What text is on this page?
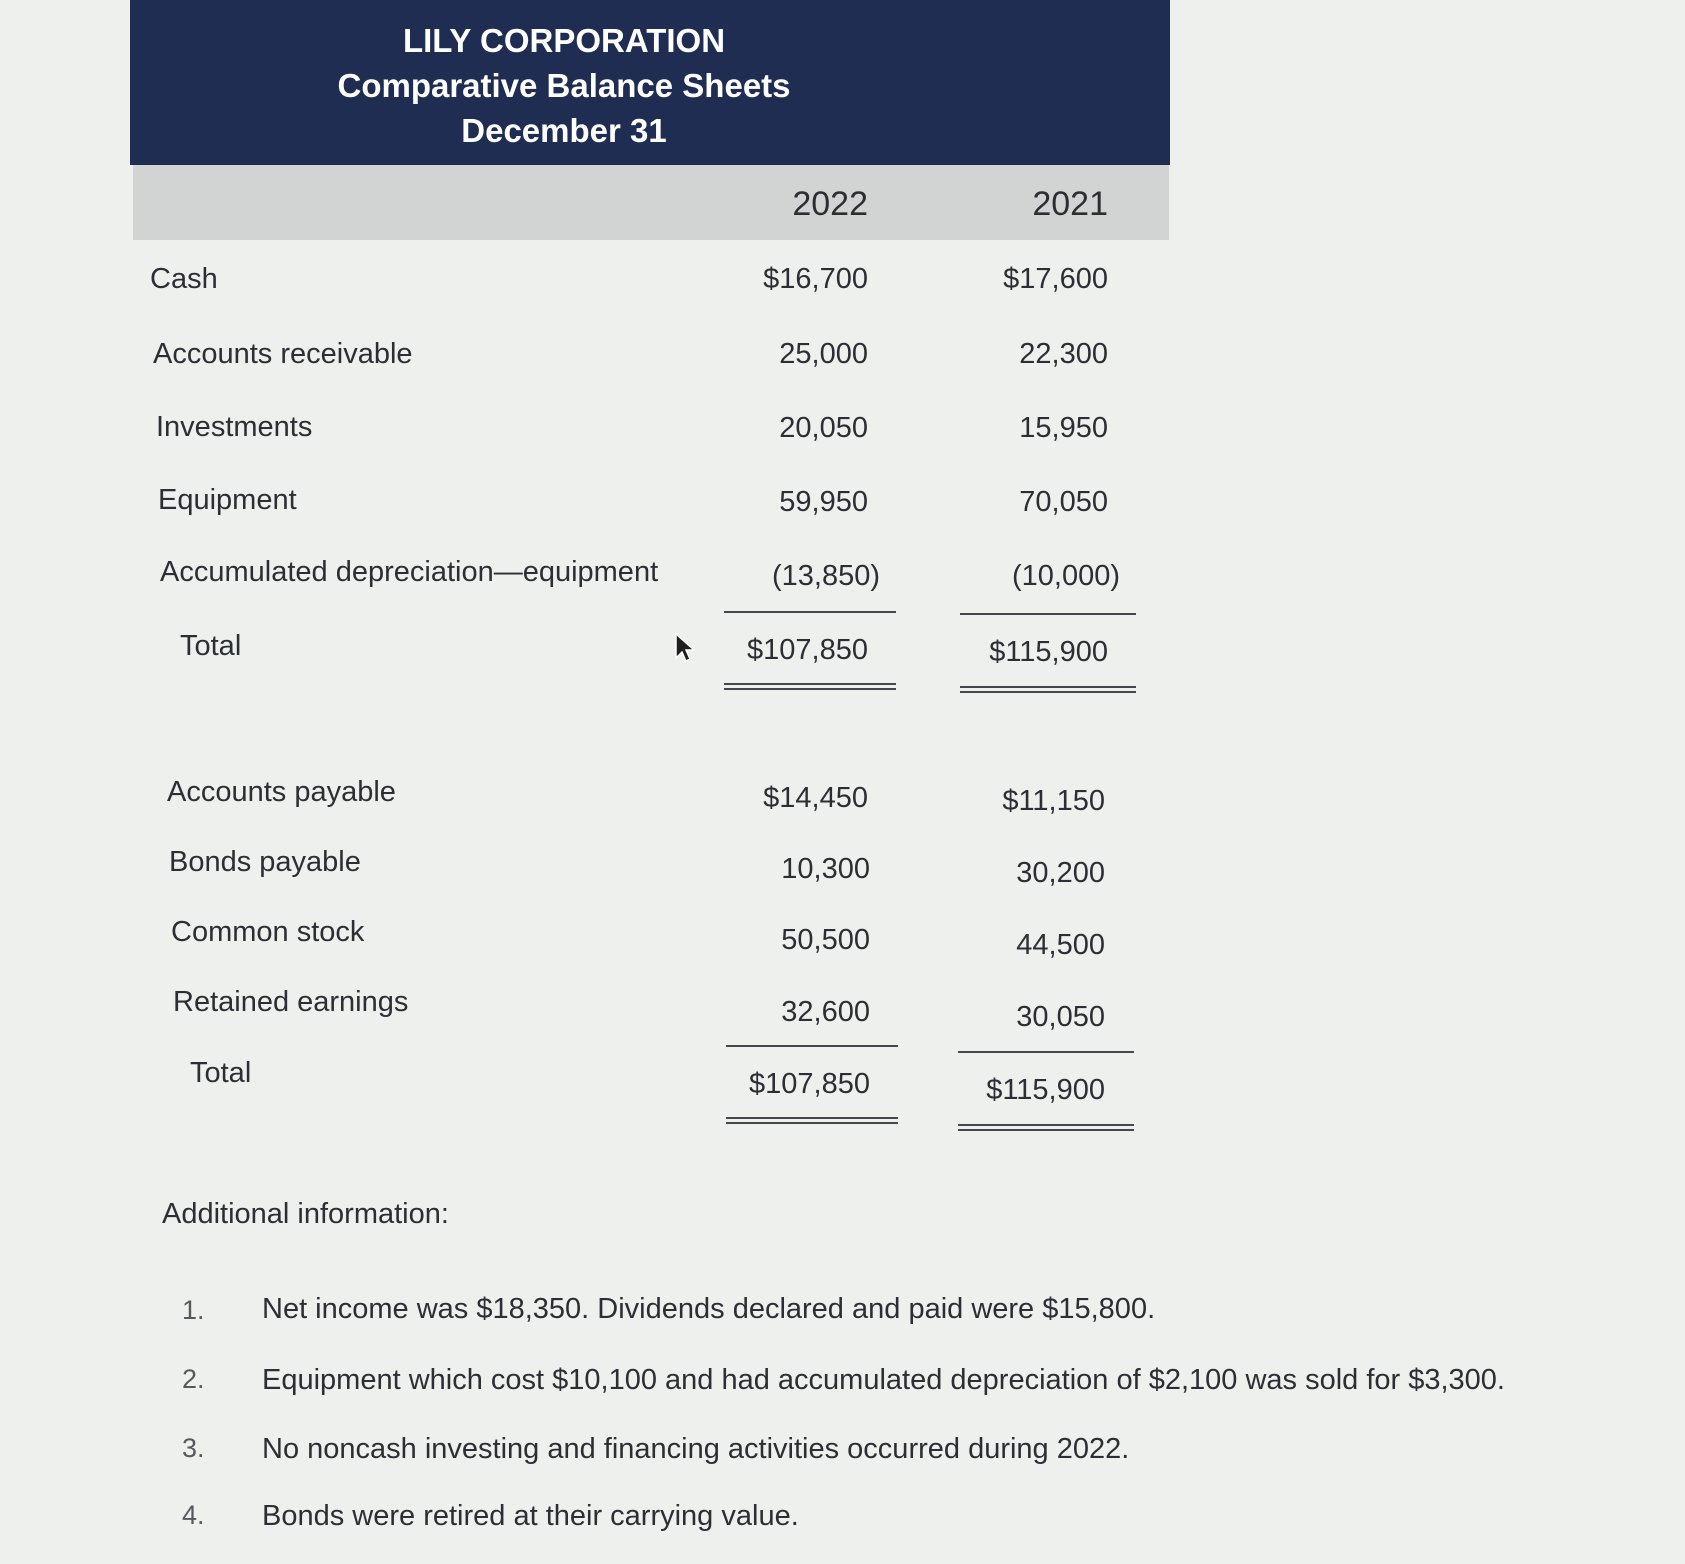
LILY CORPORATION
Comparative Balance Sheets
December 31
2022	2021
Cash	$16,700	$17,600
Accounts receivable	25,000	22,300
Investments	20,050	15,950
Equipment	59,950	70,050
Accumulated depreciation—equipment	(13,850)	(10,000)
Total	$107,850	$115,900
Accounts payable	$14,450	$11,150
Bonds payable	10,300	30,200
Common stock	50,500	44,500
Retained earnings	32,600	30,050
Total	$107,850	$115,900
Additional information:
1. Net income was $18,350. Dividends declared and paid were $15,800.
2. Equipment which cost $10,100 and had accumulated depreciation of $2,100 was sold for $3,300.
3. No noncash investing and financing activities occurred during 2022.
4. Bonds were retired at their carrying value.
